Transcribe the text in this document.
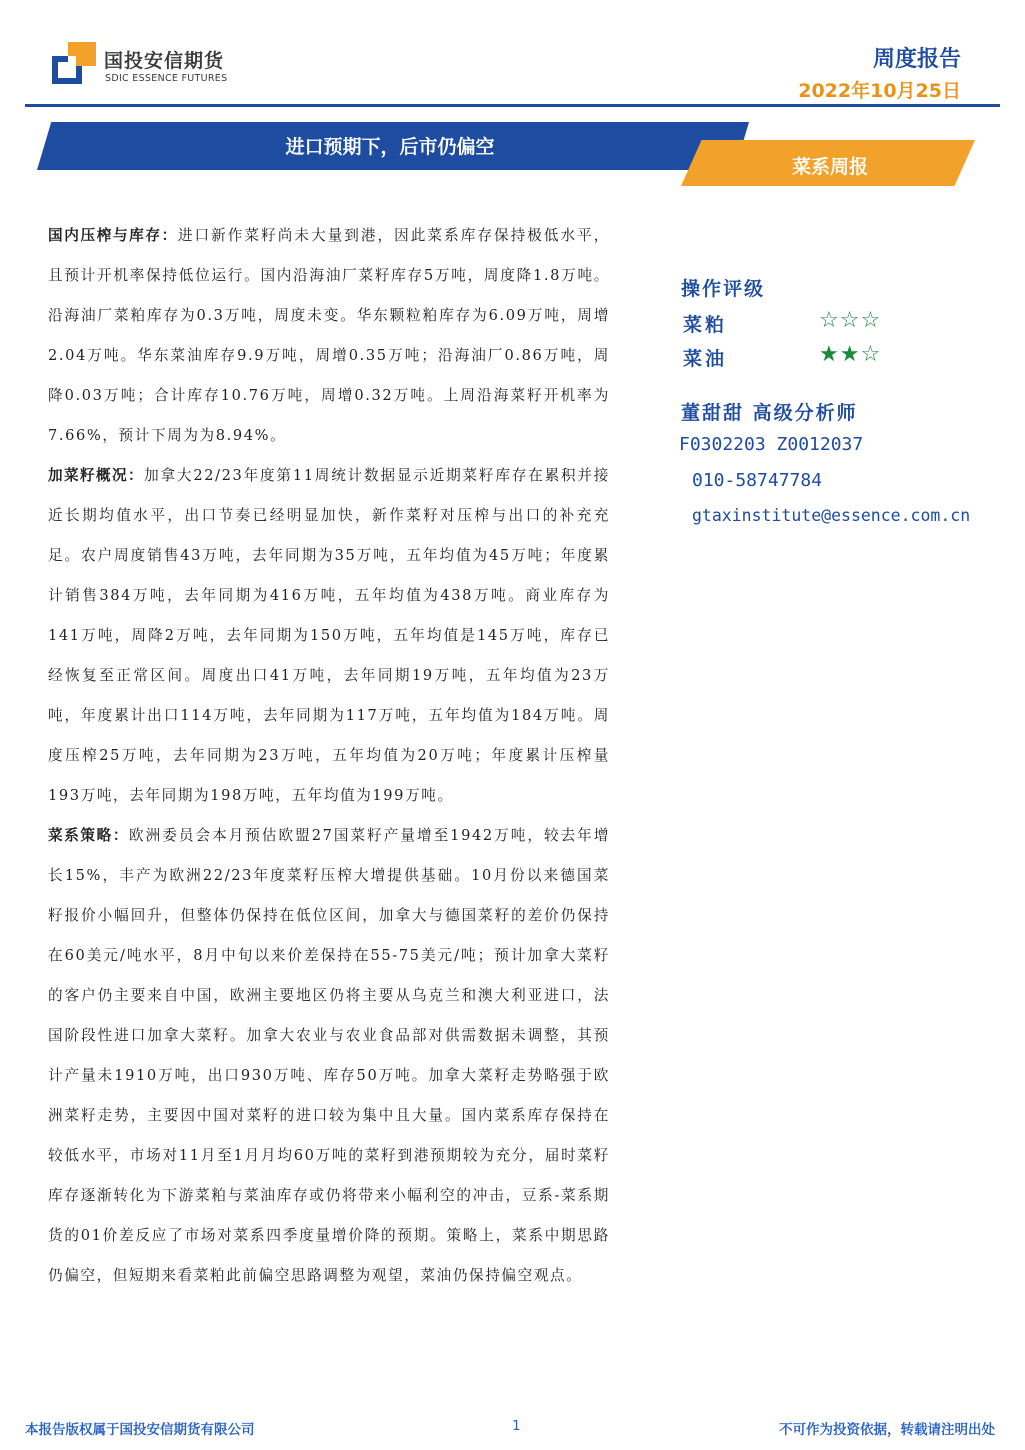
国投安信期货
SDIC ESSENCE FUTURES
周度报告
2022年10月25日
进口预期下，后市仍偏空
菜系周报

国内压榨与库存：进口新作菜籽尚未大量到港，因此菜系库存保持极低水平，且预计开机率保持低位运行。国内沿海油厂菜籽库存5万吨，周度降1.8万吨。沿海油厂菜粕库存为0.3万吨，周度未变。华东颗粒粕库存为6.09万吨，周增2.04万吨。华东菜油库存9.9万吨，周增0.35万吨；沿海油厂0.86万吨，周降0.03万吨；合计库存10.76万吨，周增0.32万吨。上周沿海菜籽开机率为7.66%，预计下周为为8.94%。

加菜籽概况：加拿大22/23年度第11周统计数据显示近期菜籽库存在累积并接近长期均值水平，出口节奏已经明显加快，新作菜籽对压榨与出口的补充充足。农户周度销售43万吨，去年同期为35万吨，五年均值为45万吨；年度累计销售384万吨，去年同期为416万吨，五年均值为438万吨。商业库存为141万吨，周降2万吨，去年同期为150万吨，五年均值是145万吨，库存已经恢复至正常区间。周度出口41万吨，去年同期19万吨，五年均值为23万吨，年度累计出口114万吨，去年同期为117万吨，五年均值为184万吨。周度压榨25万吨，去年同期为23万吨，五年均值为20万吨；年度累计压榨量193万吨，去年同期为198万吨，五年均值为199万吨。

菜系策略：欧洲委员会本月预估欧盟27国菜籽产量增至1942万吨，较去年增长15%，丰产为欧洲22/23年度菜籽压榨大增提供基础。10月份以来德国菜籽报价小幅回升，但整体仍保持在低位区间，加拿大与德国菜籽的差价仍保持在60美元/吨水平，8月中旬以来价差保持在55-75美元/吨；预计加拿大菜籽的客户仍主要来自中国，欧洲主要地区仍将主要从乌克兰和澳大利亚进口，法国阶段性进口加拿大菜籽。加拿大农业与农业食品部对供需数据未调整，其预计产量未1910万吨，出口930万吨、库存50万吨。加拿大菜籽走势略强于欧洲菜籽走势，主要因中国对菜籽的进口较为集中且大量。国内菜系库存保持在较低水平，市场对11月至1月月均60万吨的菜籽到港预期较为充分，届时菜籽库存逐渐转化为下游菜粕与菜油库存或仍将带来小幅利空的冲击，豆系-菜系期货的01价差反应了市场对菜系四季度量增价降的预期。策略上，菜系中期思路仍偏空，但短期来看菜粕此前偏空思路调整为观望，菜油仍保持偏空观点。

操作评级
菜粕	☆☆☆
菜油	★★☆
董甜甜 高级分析师
F0302203 Z0012037
010-58747784
gtaxinstitute@essence.com.cn
本报告版权属于国投安信期货有限公司	1	不可作为投资依据，转载请注明出处
